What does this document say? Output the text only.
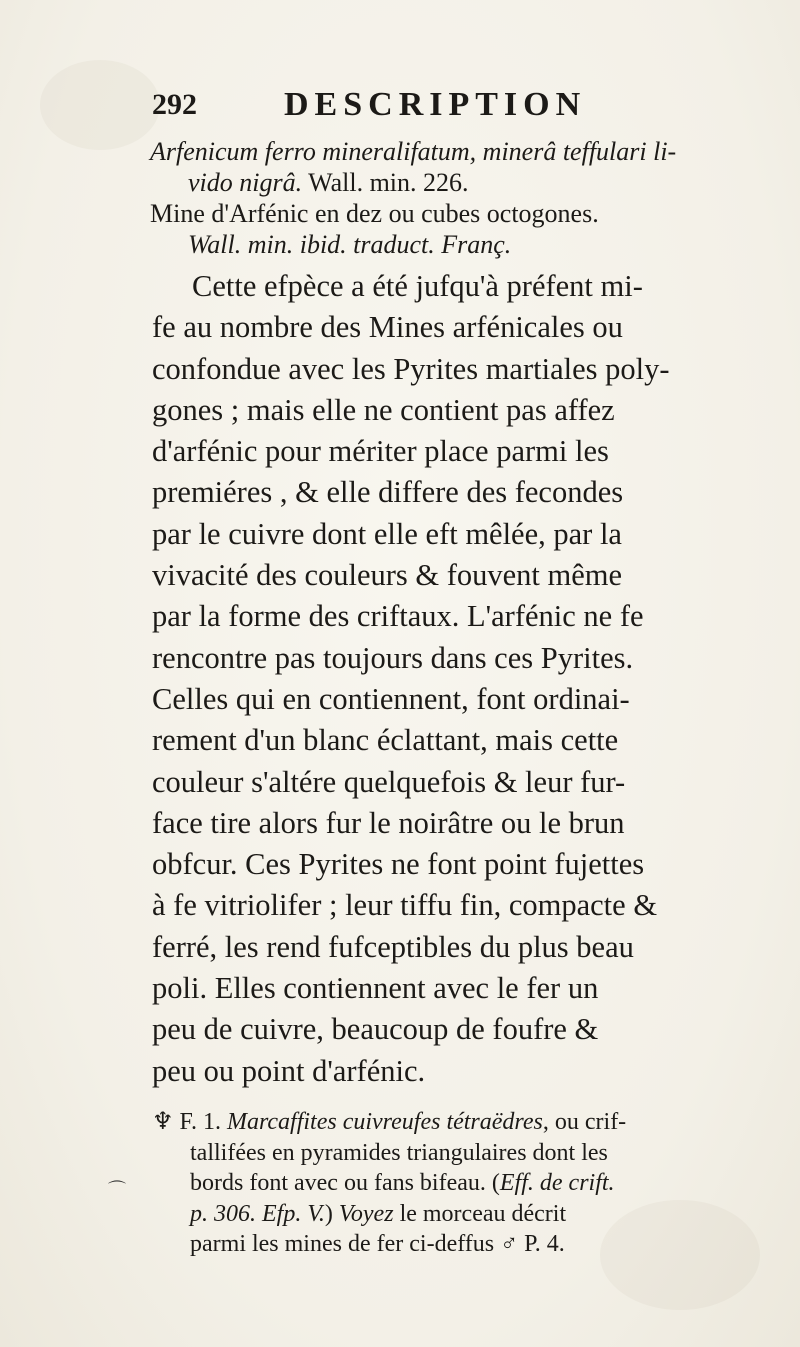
292	DESCRIPTION
Arfenicum ferro mineralifatum, minerâ teffulari li-
vido nigrâ. Wall. min. 226.
Mine d'Arfénic en dez ou cubes octogones.
Wall. min. ibid. traduct. Franç.
Cette efpèce a été jufqu'à préfent mi-
fe au nombre des Mines arfénicales ou
confondue avec les Pyrites martiales poly-
gones ; mais elle ne contient pas affez
d'arfénic pour mériter place parmi les
premiéres , & elle differe des fecondes
par le cuivre dont elle eft mêlée, par la
vivacité des couleurs & fouvent même
par la forme des criftaux. L'arfénic ne fe
rencontre pas toujours dans ces Pyrites.
Celles qui en contiennent, font ordinai-
rement d'un blanc éclattant, mais cette
couleur s'altére quelquefois & leur fur-
face tire alors fur le noirâtre ou le brun
obfcur. Ces Pyrites ne font point fujettes
à fe vitriolifer ; leur tiffu fin, compacte &
ferré, les rend fufceptibles du plus beau
poli. Elles contiennent avec le fer un
peu de cuivre, beaucoup de foufre &
peu ou point d'arfénic.
⌒
♆ F. 1. Marcaffites cuivreufes tétraëdres, ou crif-
tallifées en pyramides triangulaires dont les
bords font avec ou fans bifeau. (Eff. de crift.
p. 306. Efp. V.) Voyez le morceau décrit
parmi les mines de fer ci-deffus ♂ P. 4.
